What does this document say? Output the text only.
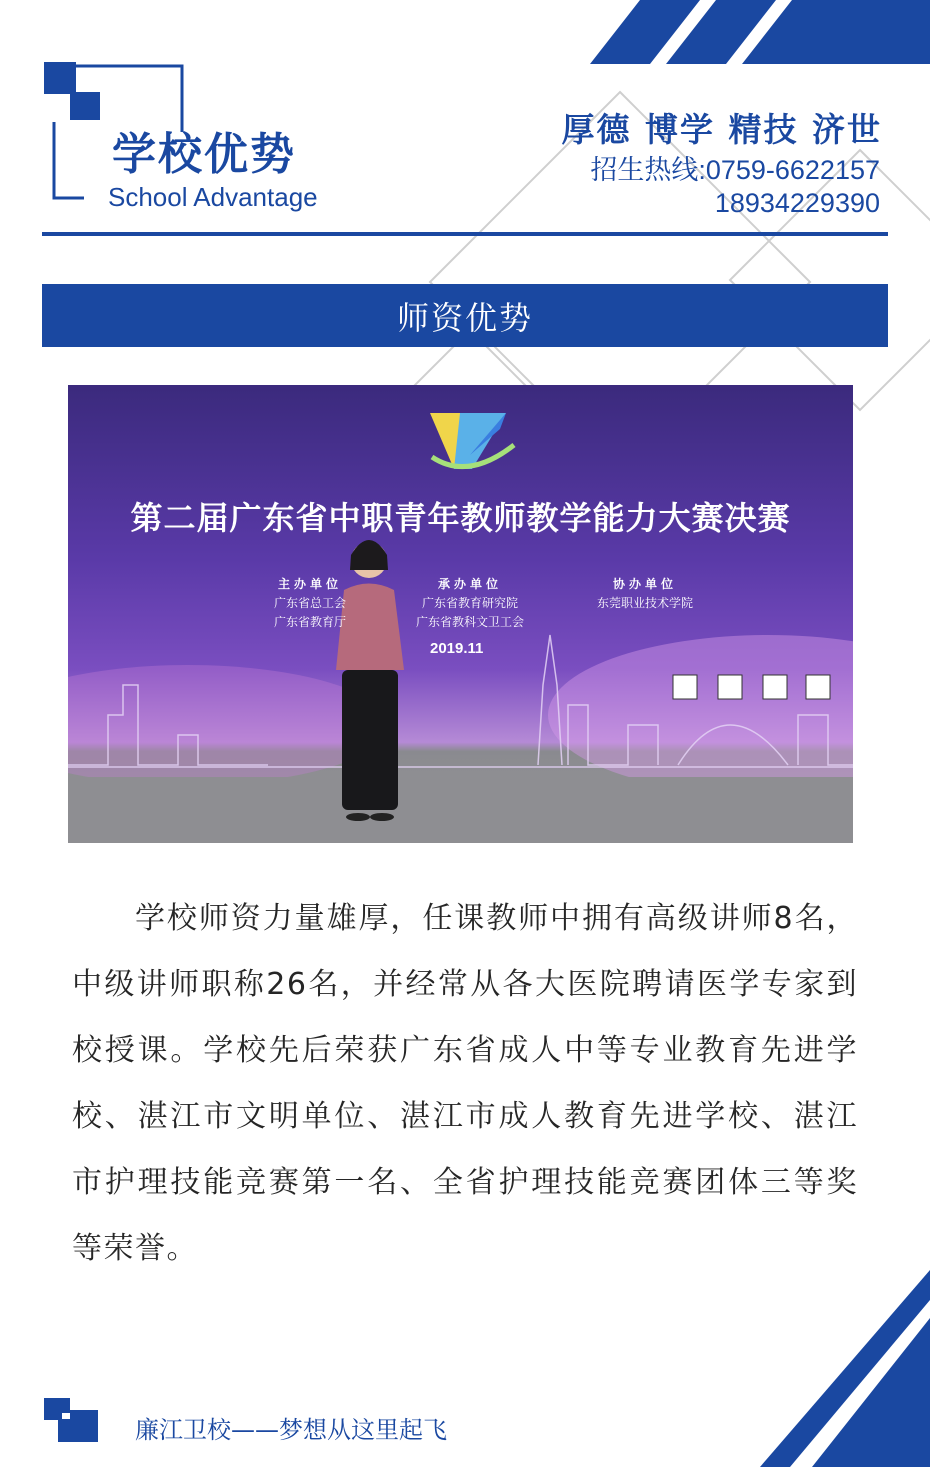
学校优势
School Advantage
厚德 博学 精技 济世
招生热线:0759-6622157
18934229390
师资优势
第二届广东省中职青年教师教学能力大赛决赛
主办单位
广东省总工会
广东省教育厅
承办单位
广东省教育研究院
广东省教科文卫工会
协办单位
东莞职业技术学院
2019.11

学校师资力量雄厚，任课教师中拥有高级讲师8名，中级讲师职称26名，并经常从各大医院聘请医学专家到校授课。学校先后荣获广东省成人中等专业教育先进学校、湛江市文明单位、湛江市成人教育先进学校、湛江市护理技能竞赛第一名、全省护理技能竞赛团体三等奖等荣誉。

廉江卫校——梦想从这里起飞
